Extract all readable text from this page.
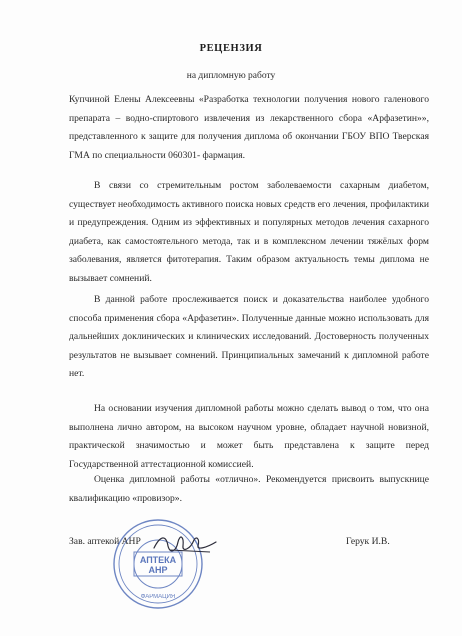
РЕЦЕНЗИЯ
на дипломную работу
Купчиной Елены Алексеевны «Разработка технологии получения нового галенового препарата – водно-спиртового извлечения из лекарственного сбора «Арфазетин»», представленного к защите для получения диплома об окончании ГБОУ ВПО Тверская ГМА по специальности 060301- фармация.
В связи со стремительным ростом заболеваемости сахарным диабетом, существует необходимость активного поиска новых средств его лечения, профилактики и предупреждения. Одним из эффективных и популярных методов лечения сахарного диабета, как самостоятельного метода, так и в комплексном лечении тяжёлых форм заболевания, является фитотерапия. Таким образом актуальность темы диплома не вызывает сомнений.
В данной работе прослеживается поиск и доказательства наиболее удобного способа применения сбора «Арфазетин». Полученные данные можно использовать для дальнейших доклинических и клинических исследований. Достоверность полученных результатов не вызывает сомнений. Принципиальных замечаний к дипломной работе нет.
На основании изучения дипломной работы можно сделать вывод о том, что она выполнена лично автором, на высоком научном уровне, обладает научной новизной, практической значимостью и может быть представлена к защите перед Государственной аттестационной комиссией.
Оценка дипломной работы «отлично». Рекомендуется присвоить выпускнице квалификацию «провизор».
Зав. аптекой АНР
АПТЕКА
АНР
ФАРМАЦИЯ
Герук И.В.
